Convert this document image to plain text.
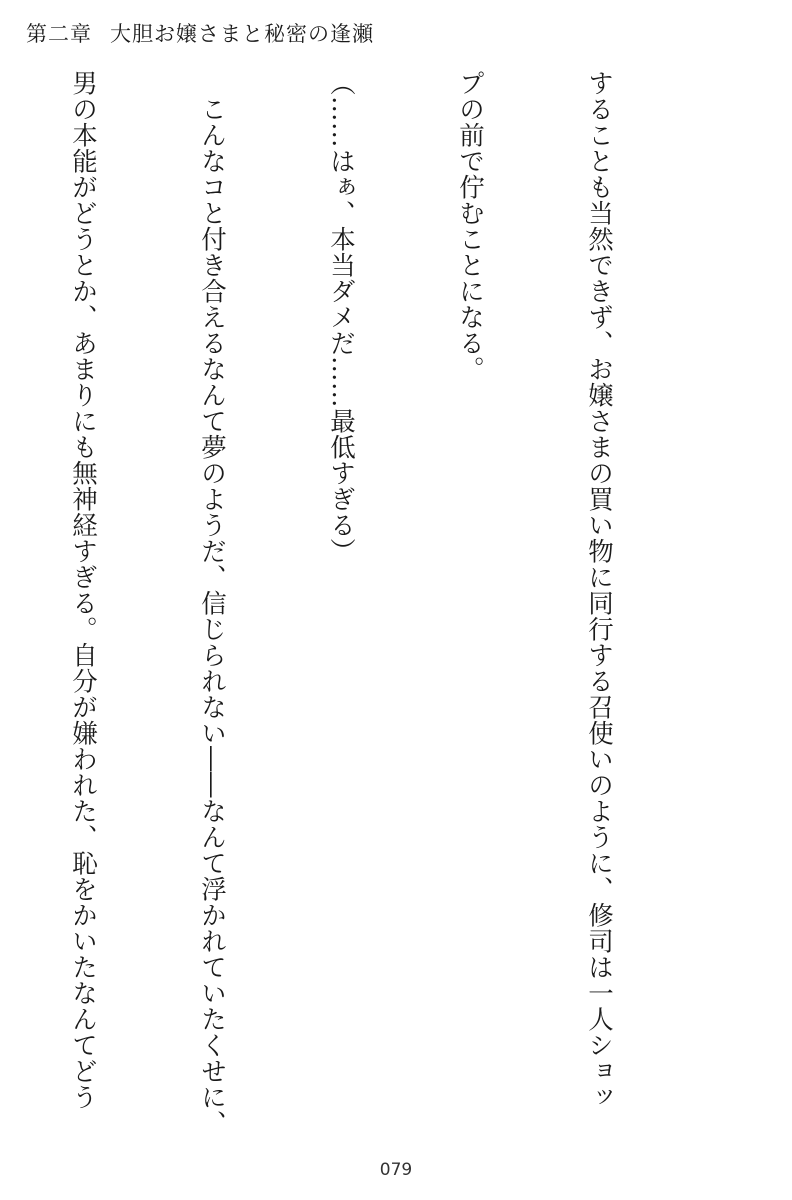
第二章 大胆お嬢さまと秘密の逢瀬

することも当然できず、お嬢さまの買い物に同行する召使いのように、修司は一人ショッ

プの前で佇むことになる。

（……はぁ、本当ダメだ……最低すぎる）

　こんなコと付き合えるなんて夢のようだ、信じられない――なんて浮かれていたくせに、

男の本能がどうとか、あまりにも無神経すぎる。自分が嫌われた、恥をかいたなんてどう

079
